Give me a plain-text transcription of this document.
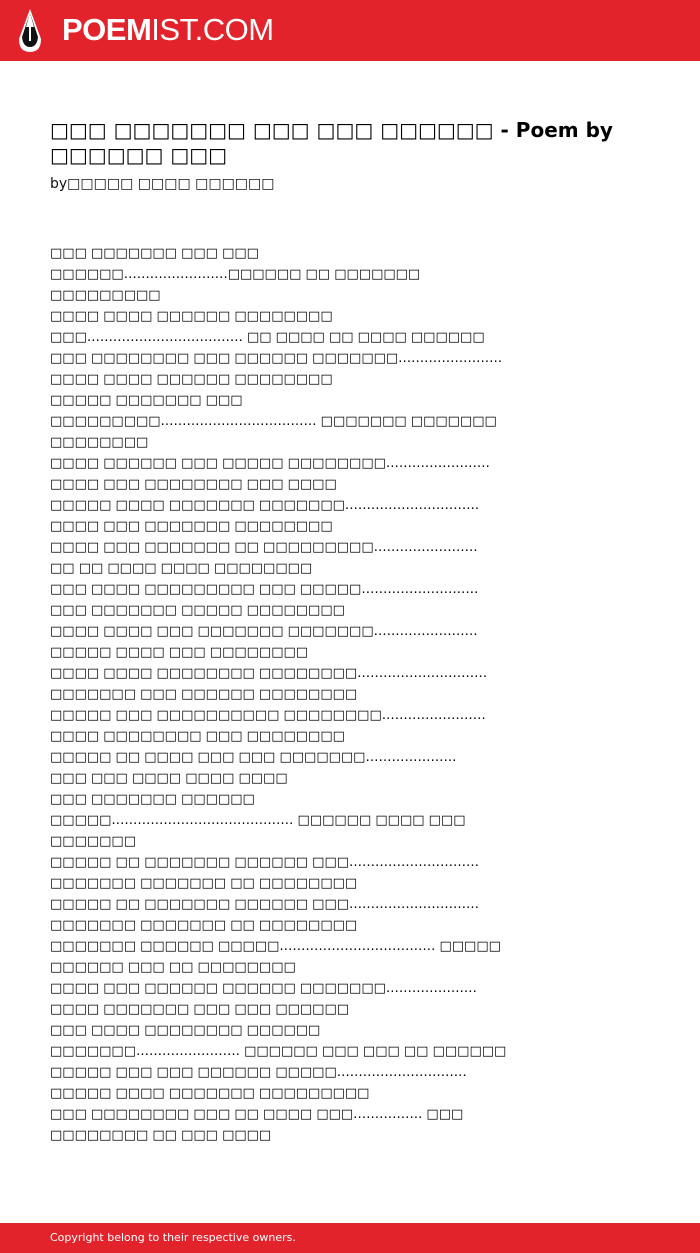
POEMIST.COM
□□□ □□□□□□□ □□□ □□□ □□□□□□ - Poem by □□□□□□ □□□
by□□□□□ □□□□ □□□□□□
□□□ □□□□□□□ □□□ □□□
□□□□□□……………………□□□□□□ □□ □□□□□□□
□□□□□□□□□
□□□□ □□□□ □□□□□□ □□□□□□□□
□□□……………………………… □□ □□□□ □□ □□□□ □□□□□□
□□□ □□□□□□□□ □□□ □□□□□□ □□□□□□□……………………
□□□□ □□□□ □□□□□□ □□□□□□□□
□□□□□ □□□□□□□ □□□
□□□□□□□□□……………………………… □□□□□□□ □□□□□□□
□□□□□□□□
□□□□ □□□□□□ □□□ □□□□□ □□□□□□□□……………………
□□□□ □□□ □□□□□□□□ □□□ □□□□
□□□□□ □□□□ □□□□□□□ □□□□□□□………………………….
□□□□ □□□ □□□□□□□ □□□□□□□□
□□□□ □□□ □□□□□□□ □□ □□□□□□□□□……………………
□□ □□ □□□□ □□□□ □□□□□□□□
□□□ □□□□ □□□□□□□□□ □□□ □□□□□………………………
□□□ □□□□□□□ □□□□□ □□□□□□□□
□□□□ □□□□ □□□ □□□□□□□ □□□□□□□……………………
□□□□□ □□□□ □□□ □□□□□□□□
□□□□ □□□□ □□□□□□□□ □□□□□□□□…………………………
□□□□□□□ □□□ □□□□□□ □□□□□□□□
□□□□□ □□□ □□□□□□□□□□ □□□□□□□□……………………
□□□□ □□□□□□□□ □□□ □□□□□□□□
□□□□□ □□ □□□□ □□□ □□□ □□□□□□□…………………
□□□ □□□ □□□□ □□□□ □□□□
□□□ □□□□□□□ □□□□□□
□□□□□…………………………………… □□□□□□ □□□□ □□□
□□□□□□□
□□□□□ □□ □□□□□□□ □□□□□□ □□□…………………………
□□□□□□□ □□□□□□□ □□ □□□□□□□□
□□□□□ □□ □□□□□□□ □□□□□□ □□□…………………………
□□□□□□□ □□□□□□□ □□ □□□□□□□□
□□□□□□□ □□□□□□ □□□□□……………………………… □□□□□
□□□□□□ □□□ □□ □□□□□□□□
□□□□ □□□ □□□□□□ □□□□□□ □□□□□□□…………………
□□□□ □□□□□□□ □□□ □□□ □□□□□□
□□□ □□□□ □□□□□□□□ □□□□□□
□□□□□□□…………………… □□□□□□ □□□ □□□ □□ □□□□□□
□□□□□ □□□ □□□ □□□□□□ □□□□□…………………………
□□□□□ □□□□ □□□□□□□ □□□□□□□□□
□□□ □□□□□□□□ □□□ □□ □□□□ □□□……………. □□□
□□□□□□□□ □□ □□□ □□□□
Copyright belong to their respective owners.
